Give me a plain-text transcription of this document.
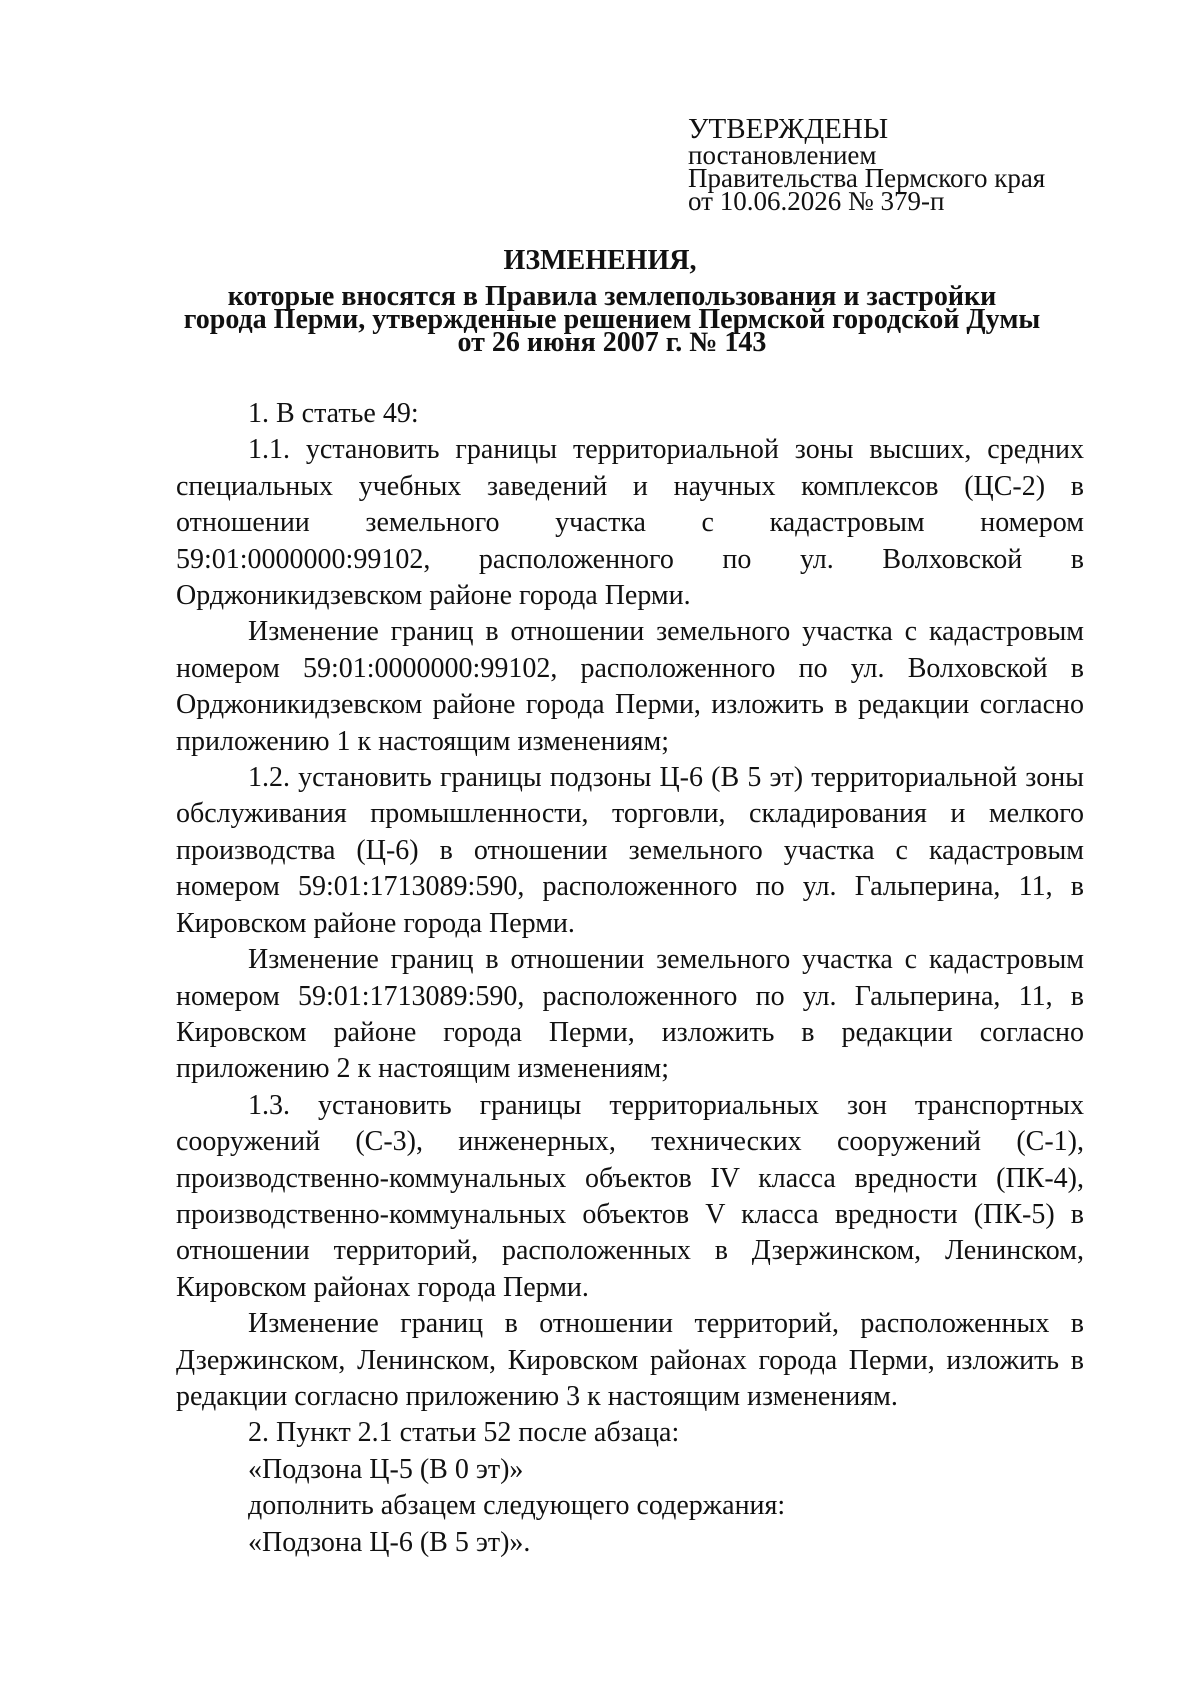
УТВЕРЖДЕНЫ
постановлением
Правительства Пермского края
от 10.06.2026 № 379-п
ИЗМЕНЕНИЯ,
которые вносятся в Правила землепользования и застройки
города Перми, утвержденные решением Пермской городской Думы
от 26 июня 2007 г. № 143

1. В статье 49:

1.1. установить границы территориальной зоны высших, средних специальных учебных заведений и научных комплексов (ЦС-2) в отношении земельного участка с кадастровым номером 59:01:0000000:99102, расположенного по ул. Волховской в Орджоникидзевском районе города Перми.

Изменение границ в отношении земельного участка с кадастровым номером 59:01:0000000:99102, расположенного по ул. Волховской в Орджоникидзевском районе города Перми, изложить в редакции согласно приложению 1 к настоящим изменениям;

1.2. установить границы подзоны Ц-6 (В 5 эт) территориальной зоны обслуживания промышленности, торговли, складирования и мелкого производства (Ц-6) в отношении земельного участка с кадастровым номером 59:01:1713089:590, расположенного по ул. Гальперина, 11, в Кировском районе города Перми.

Изменение границ в отношении земельного участка с кадастровым номером 59:01:1713089:590, расположенного по ул. Гальперина, 11, в Кировском районе города Перми, изложить в редакции согласно приложению 2 к настоящим изменениям;

1.3. установить границы территориальных зон транспортных сооружений (С-3), инженерных, технических сооружений (С-1), производственно-коммунальных объектов IV класса вредности (ПК-4), производственно-коммунальных объектов V класса вредности (ПК-5) в отношении территорий, расположенных в Дзержинском, Ленинском, Кировском районах города Перми.

Изменение границ в отношении территорий, расположенных в Дзержинском, Ленинском, Кировском районах города Перми, изложить в редакции согласно приложению 3 к настоящим изменениям.

2. Пункт 2.1 статьи 52 после абзаца:

«Подзона Ц-5 (В 0 эт)»

дополнить абзацем следующего содержания:

«Подзона Ц-6 (В 5 эт)».
